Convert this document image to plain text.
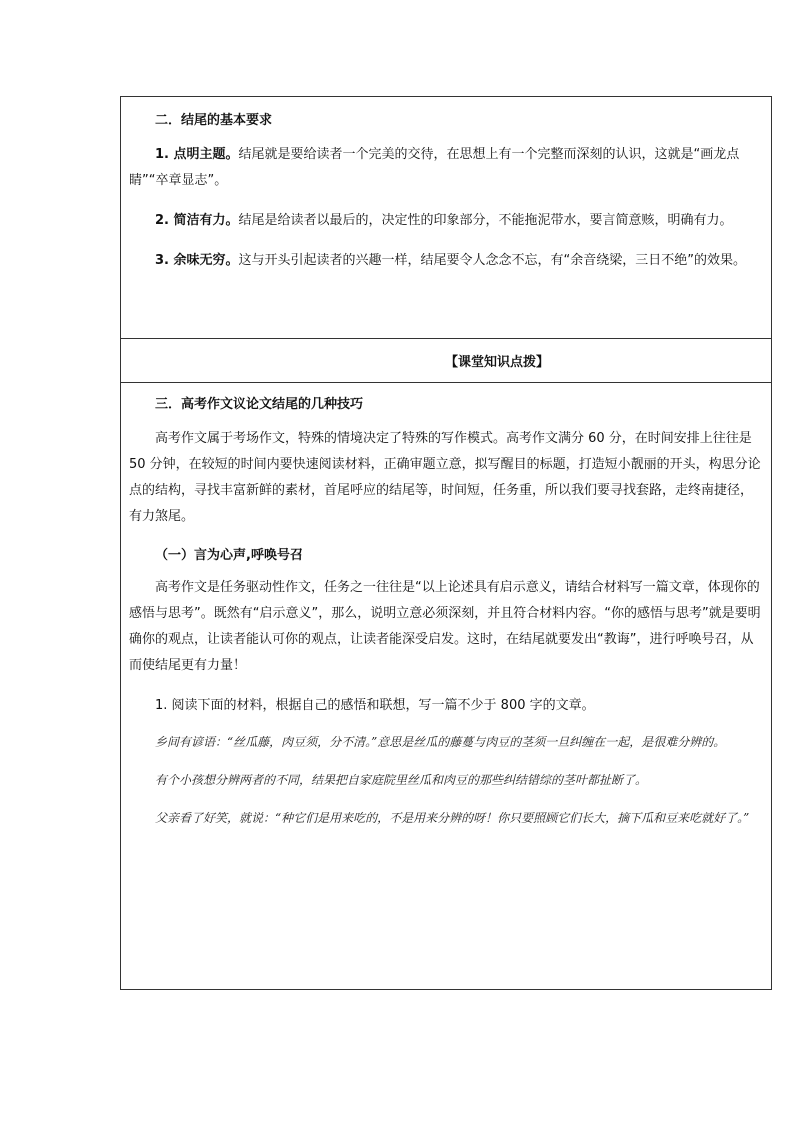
二．结尾的基本要求

1. 点明主题。结尾就是要给读者一个完美的交待，在思想上有一个完整而深刻的认识，这就是“画龙点睛”“卒章显志”。

2. 简洁有力。结尾是给读者以最后的，决定性的印象部分，不能拖泥带水，要言简意赅，明确有力。

3. 余味无穷。这与开头引起读者的兴趣一样，结尾要令人念念不忘，有“余音绕梁，三日不绝”的效果。

【课堂知识点拨】

三．高考作文议论文结尾的几种技巧

高考作文属于考场作文，特殊的情境决定了特殊的写作模式。高考作文满分 60 分，在时间安排上往往是 50 分钟，在较短的时间内要快速阅读材料，正确审题立意，拟写醒目的标题，打造短小靓丽的开头，构思分论点的结构，寻找丰富新鲜的素材，首尾呼应的结尾等，时间短，任务重，所以我们要寻找套路，走终南捷径，有力煞尾。

（一）言为心声,呼唤号召

高考作文是任务驱动性作文，任务之一往往是“以上论述具有启示意义，请结合材料写一篇文章，体现你的感悟与思考”。既然有“启示意义”，那么，说明立意必须深刻，并且符合材料内容。“你的感悟与思考”就是要明确你的观点，让读者能认可你的观点，让读者能深受启发。这时，在结尾就要发出“教诲”，进行呼唤号召，从而使结尾更有力量！

1. 阅读下面的材料，根据自己的感悟和联想，写一篇不少于 800 字的文章。

乡间有谚语：“丝瓜藤，肉豆须，分不清。”意思是丝瓜的藤蔓与肉豆的茎须一旦纠缠在一起，是很难分辨的。

有个小孩想分辨两者的不同，结果把自家庭院里丝瓜和肉豆的那些纠结错综的茎叶都扯断了。

父亲看了好笑，就说：“种它们是用来吃的，不是用来分辨的呀！你只要照顾它们长大，摘下瓜和豆来吃就好了。”
